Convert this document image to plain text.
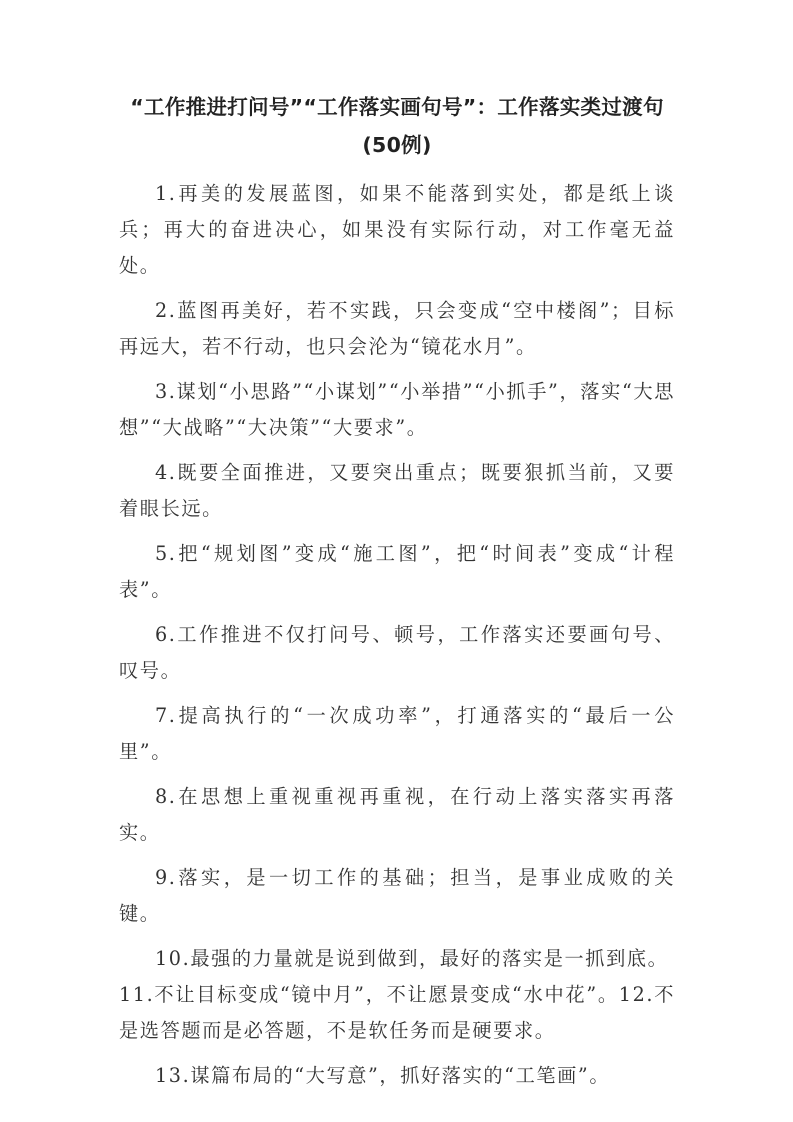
“工作推进打问号”“工作落实画句号”：工作落实类过渡句(50例)

1.再美的发展蓝图，如果不能落到实处，都是纸上谈兵；再大的奋进决心，如果没有实际行动，对工作毫无益处。

2.蓝图再美好，若不实践，只会变成“空中楼阁”；目标再远大，若不行动，也只会沦为“镜花水月”。

3.谋划“小思路”“小谋划”“小举措”“小抓手”，落实“大思想”“大战略”“大决策”“大要求”。

4.既要全面推进，又要突出重点；既要狠抓当前，又要着眼长远。

5.把“规划图”变成“施工图”，把“时间表”变成“计程表”。

6.工作推进不仅打问号、顿号，工作落实还要画句号、叹号。

7.提高执行的“一次成功率”，打通落实的“最后一公里”。

8.在思想上重视重视再重视，在行动上落实落实再落实。

9.落实，是一切工作的基础；担当，是事业成败的关键。

10.最强的力量就是说到做到，最好的落实是一抓到底。

11.不让目标变成“镜中月”，不让愿景变成“水中花”。12.不是选答题而是必答题，不是软任务而是硬要求。

13.谋篇布局的“大写意”，抓好落实的“工笔画”。
